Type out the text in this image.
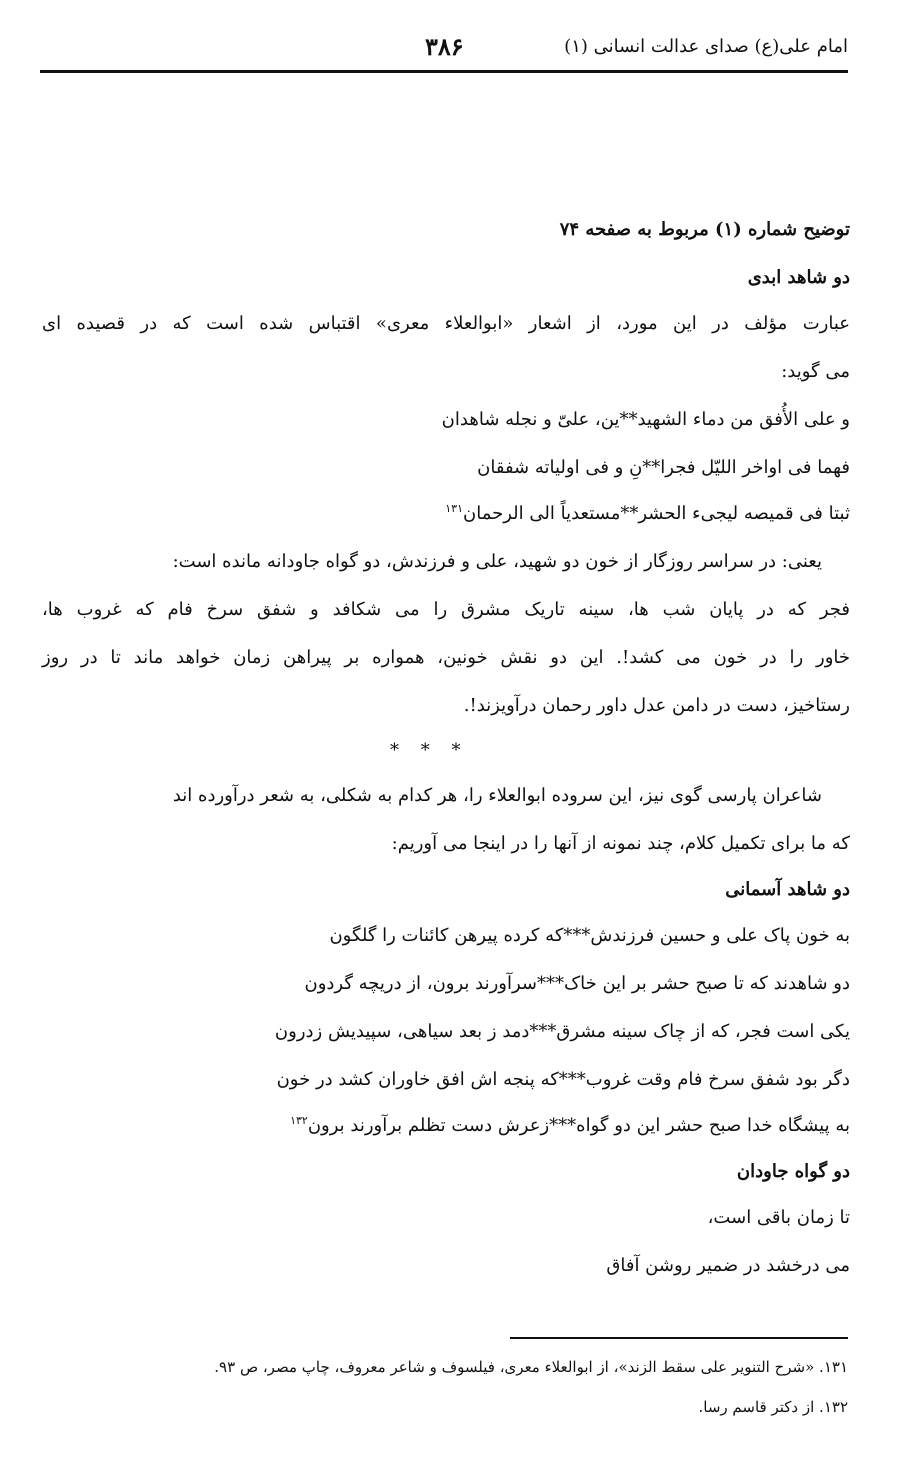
امام علی(ع) صدای عدالت انسانی (۱)
۳۸۶
توضیح شماره (۱) مربوط به صفحه ۷۴
دو شاهد ابدی
عبارت مؤلف در این مورد، از اشعار «ابوالعلاء معری» اقتباس شده است که در قصیده ای
می گوید:
و علی الأُفق من دماء الشهید**ین، علیّ و نجله شاهدان
فهما فی اواخر اللیّل فجرا**نِ و فی اولیاته شفقان
ثبتا فی قمیصه لیجیء الحشر**مستعدیاً الی الرحمان$^{۱۳۱}$
یعنی: در سراسر روزگار از خون دو شهید، علی و فرزندش، دو گواه جاودانه مانده است:
فجر که در پایان شب ها، سینه تاریک مشرق را می شکافد و شفق سرخ فام که غروب ها،
خاور را در خون می کشد!. این دو نقش خونین، همواره بر پیراهن زمان خواهد ماند تا در روز
رستاخیز، دست در دامن عدل داور رحمان درآویزند!.
شاعران پارسی گوی نیز، این سروده ابوالعلاء را، هر کدام به شکلی، به شعر درآورده اند
که ما برای تکمیل کلام، چند نمونه از آنها را در اینجا می آوریم:
دو شاهد آسمانی
به خون پاک علی و حسین فرزندش***که کرده پیرهن کائنات را گلگون
دو شاهدند که تا صبح حشر بر این خاک***سرآورند برون، از دریچه گردون
یکی است فجر، که از چاک سینه مشرق***دمد ز بعد سیاهی، سپیدیش زدرون
دگر بود شفق سرخ فام وقت غروب***که پنجه اش افق خاوران کشد در خون
به پیشگاه خدا صبح حشر این دو گواه***زعرش دست تظلم برآورند برون$^{۱۳۲}$
دو گواه جاودان
تا زمان باقی است،
می درخشد در ضمیر روشن آفاق
* * *
۱۳۱. «شرح التنویر علی سقط الزند»، از ابوالعلاء معری، فیلسوف و شاعر معروف، چاپ مصر، ص ۹۳.
۱۳۲. از دکتر قاسم رسا.
